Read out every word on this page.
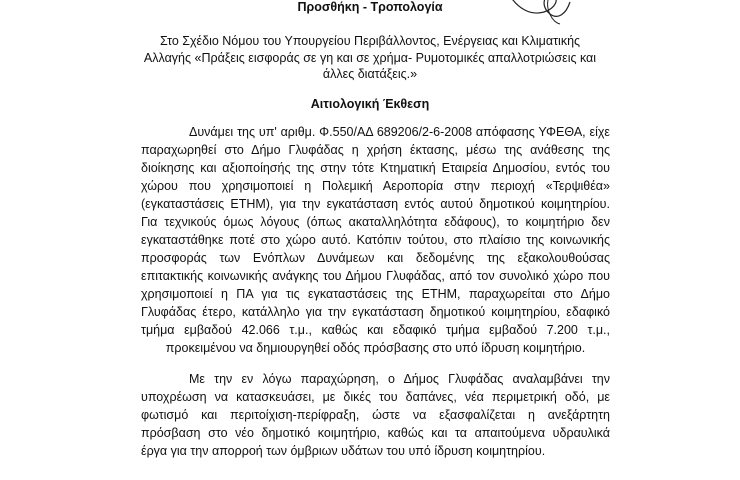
Προσθήκη - Τροπολογία
Στο Σχέδιο Νόμου του Υπουργείου Περιβάλλοντος, Ενέργειας και Κλιματικής
Αλλαγής «Πράξεις εισφοράς σε γη και σε χρήμα- Ρυμοτομικές απαλλοτριώσεις και
άλλες διατάξεις.»
Αιτιολογική Έκθεση
Δυνάμει της υπ' αριθμ. Φ.550/ΑΔ 689206/2-6-2008 απόφασης ΥΦΕΘΑ, είχε
παραχωρηθεί στο Δήμο Γλυφάδας η χρήση έκτασης, μέσω της ανάθεσης της
διοίκησης και αξιοποίησής της στην τότε Κτηματική Εταιρεία Δημοσίου, εντός του
χώρου που χρησιμοποιεί η Πολεμική Αεροπορία στην περιοχή «Τερψιθέα»
(εγκαταστάσεις ΕΤΗΜ), για την εγκατάσταση εντός αυτού δημοτικού κοιμητηρίου.
Για τεχνικούς όμως λόγους (όπως ακαταλληλότητα εδάφους), το κοιμητήριο δεν
εγκαταστάθηκε ποτέ στο χώρο αυτό. Κατόπιν τούτου, στο πλαίσιο της κοινωνικής
προσφοράς των Ενόπλων Δυνάμεων και δεδομένης της εξακολουθούσας
επιτακτικής κοινωνικής ανάγκης του Δήμου Γλυφάδας, από τον συνολικό χώρο που
χρησιμοποιεί η ΠΑ για τις εγκαταστάσεις της ΕΤΗΜ, παραχωρείται στο Δήμο
Γλυφάδας έτερο, κατάλληλο για την εγκατάσταση δημοτικού κοιμητηρίου, εδαφικό
τμήμα εμβαδού 42.066 τ.μ., καθώς και εδαφικό τμήμα εμβαδού 7.200 τ.μ.,
προκειμένου να δημιουργηθεί οδός πρόσβασης στο υπό ίδρυση κοιμητήριο.
Με την εν λόγω παραχώρηση, ο Δήμος Γλυφάδας αναλαμβάνει την
υποχρέωση να κατασκευάσει, με δικές του δαπάνες, νέα περιμετρική οδό, με
φωτισμό και περιτοίχιση-περίφραξη, ώστε να εξασφαλίζεται η ανεξάρτητη
πρόσβαση στο νέο δημοτικό κοιμητήριο, καθώς και τα απαιτούμενα υδραυλικά
έργα για την απορροή των όμβριων υδάτων του υπό ίδρυση κοιμητηρίου.
